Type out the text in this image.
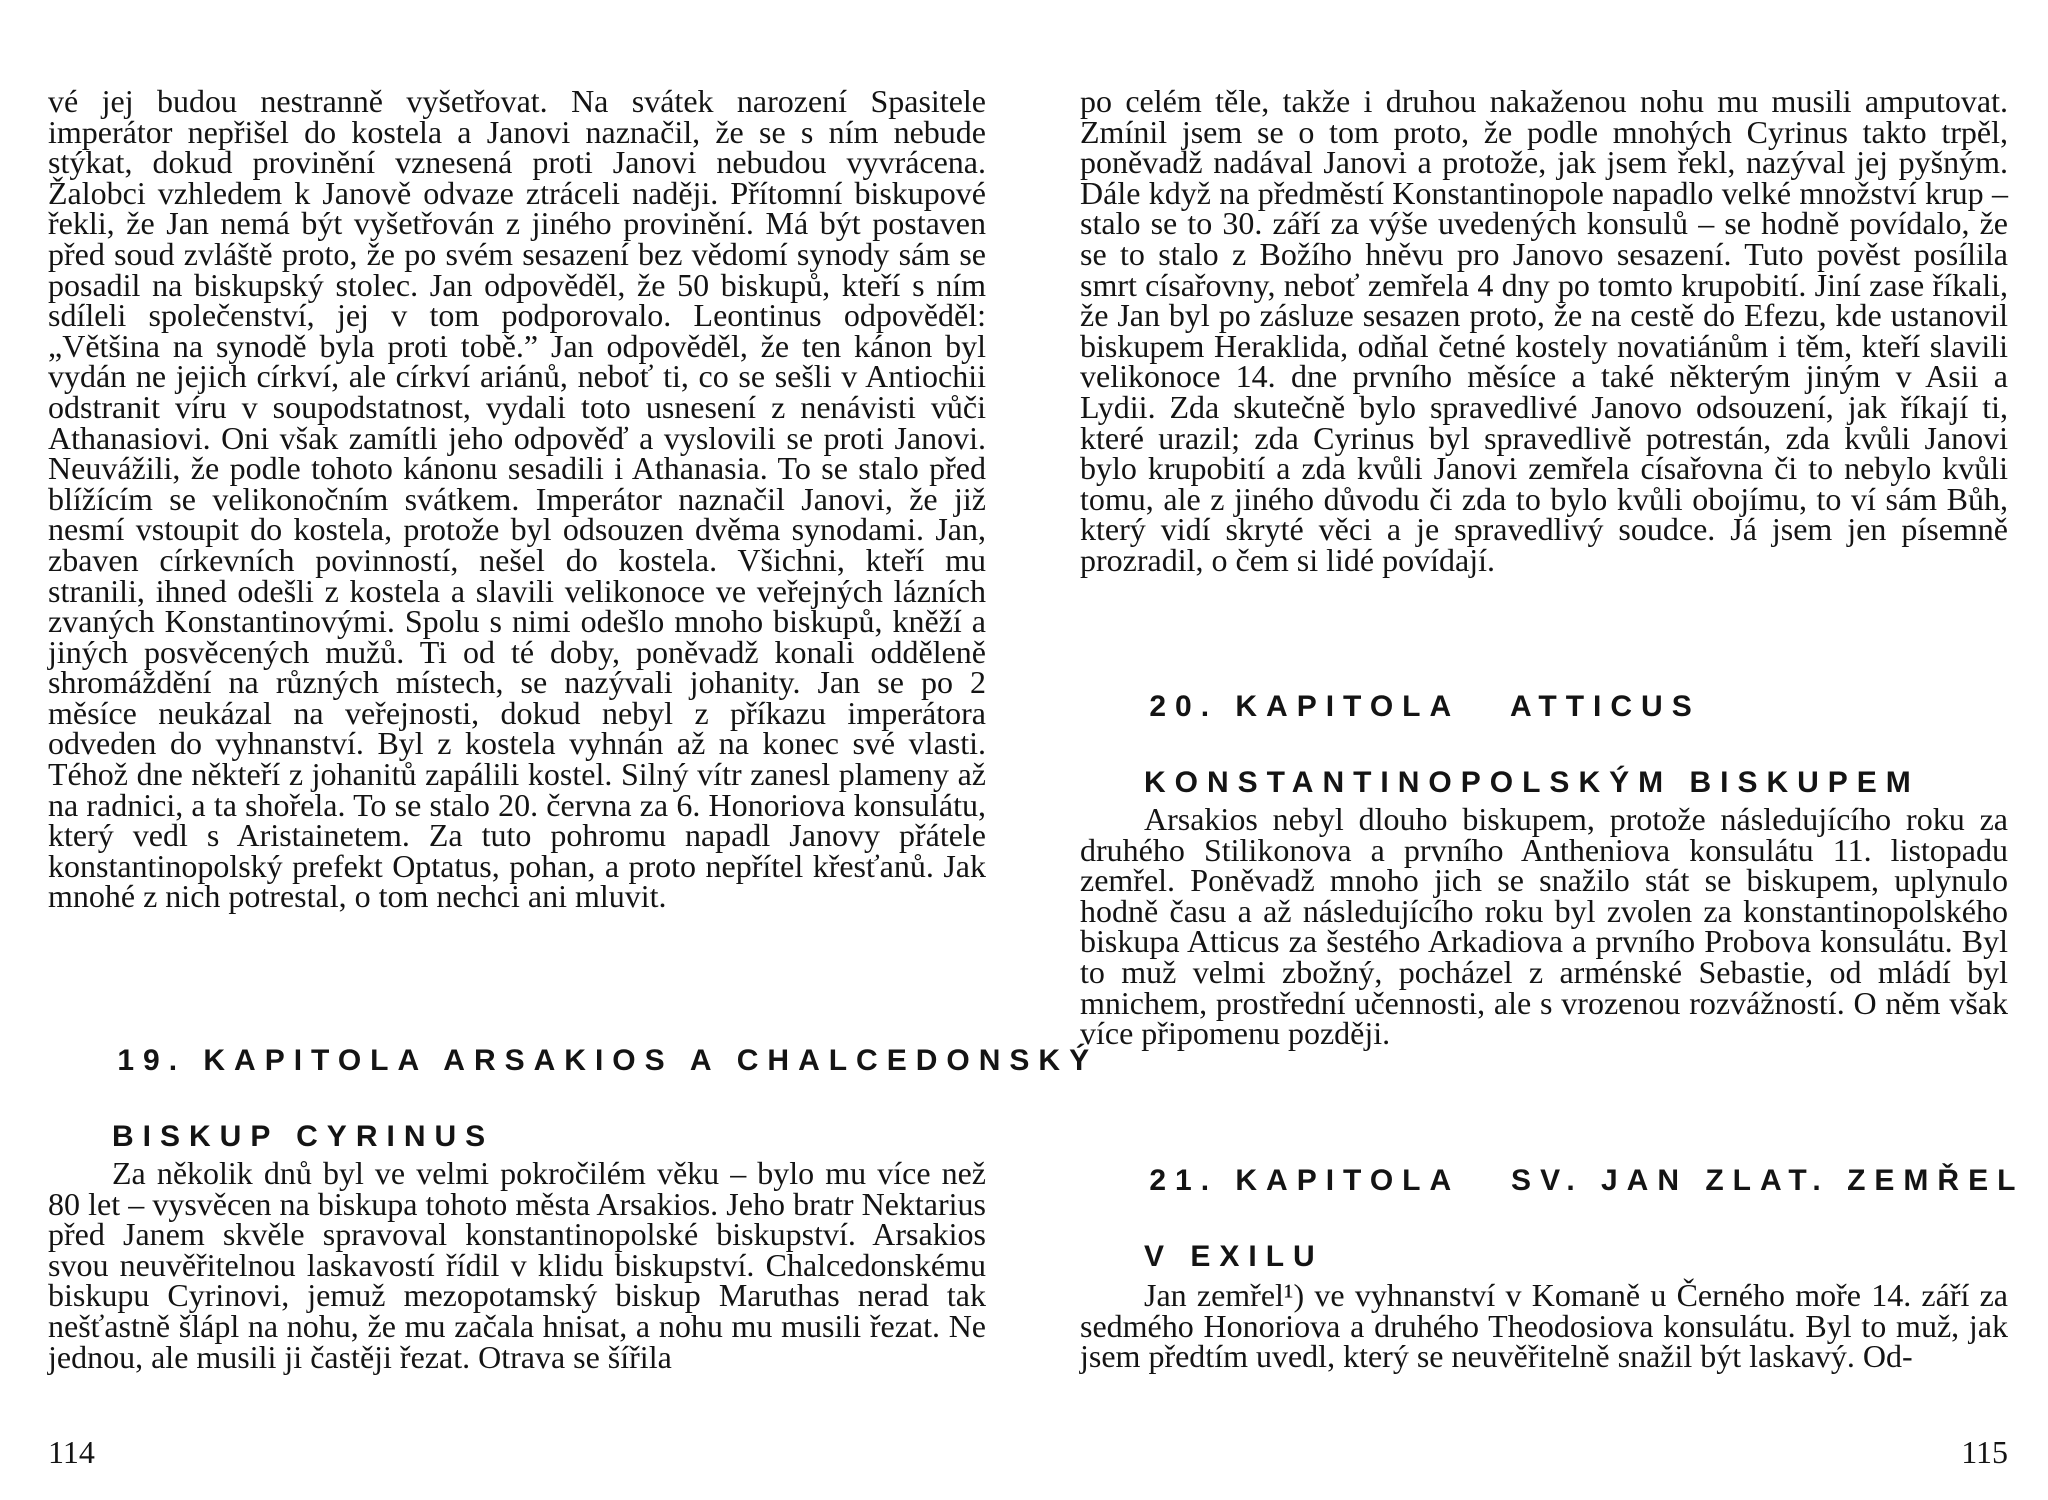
vé jej budou nestranně vyšetřovat. Na svátek narození Spasitele imperátor nepřišel do kostela a Janovi naznačil, že se s ním nebude stýkat, dokud provinění vznesená proti Janovi nebudou vyvrácena. Žalobci vzhledem k Janově odvaze ztráceli naději. Přítomní biskupové řekli, že Jan nemá být vyšetřován z jiného provinění. Má být postaven před soud zvláště proto, že po svém sesazení bez vědomí synody sám se posadil na biskupský stolec. Jan odpověděl, že 50 biskupů, kteří s ním sdíleli společenství, jej v tom podporovalo. Leontinus odpověděl: „Většina na synodě byla proti tobě.” Jan odpověděl, že ten kánon byl vydán ne jejich církví, ale církví ariánů, neboť ti, co se sešli v Antiochii odstranit víru v soupodstatnost, vydali toto usnesení z nenávisti vůči Athanasiovi. Oni však zamítli jeho odpověď a vyslovili se proti Janovi. Neuvážili, že podle tohoto kánonu sesadili i Athanasia. To se stalo před blížícím se velikonočním svátkem. Imperátor naznačil Janovi, že již nesmí vstoupit do kostela, protože byl odsouzen dvěma synodami. Jan, zbaven církevních povinností, nešel do kostela. Všichni, kteří mu stranili, ihned odešli z kostela a slavili velikonoce ve veřejných lázních zvaných Konstantinovými. Spolu s nimi odešlo mnoho biskupů, kněží a jiných posvěcených mužů. Ti od té doby, poněvadž konali odděleně shromáždění na různých místech, se nazývali johanity. Jan se po 2 měsíce neukázal na veřejnosti, dokud nebyl z příkazu imperátora odveden do vyhnanství. Byl z kostela vyhnán až na konec své vlasti. Téhož dne někteří z johanitů zapálili kostel. Silný vítr zanesl plameny až na radnici, a ta shořela. To se stalo 20. června za 6. Honoriova konsulátu, který vedl s Aristainetem. Za tuto pohromu napadl Janovy přátele konstantinopolský prefekt Optatus, pohan, a proto nepřítel křesťanů. Jak mnohé z nich potrestal, o tom nechci ani mluvit.

19. KAPITOLA ARSAKIOS A CHALCEDONSKÝ

BISKUP CYRINUS

Za několik dnů byl ve velmi pokročilém věku – bylo mu více než 80 let – vysvěcen na biskupa tohoto města Arsakios. Jeho bratr Nektarius před Janem skvěle spravoval konstantinopolské biskupství. Arsakios svou neuvěřitelnou laskavostí řídil v klidu biskupství. Chalcedonskému biskupu Cyrinovi, jemuž mezopotamský biskup Maruthas nerad tak nešťastně šlápl na nohu, že mu začala hnisat, a nohu mu musili řezat. Ne jednou, ale musili ji častěji řezat. Otrava se šířila

114

po celém těle, takže i druhou nakaženou nohu mu musili amputovat. Zmínil jsem se o tom proto, že podle mnohých Cyrinus takto trpěl, poněvadž nadával Janovi a protože, jak jsem řekl, nazýval jej pyšným. Dále když na předměstí Konstantinopole napadlo velké množství krup – stalo se to 30. září za výše uvedených konsulů – se hodně povídalo, že se to stalo z Božího hněvu pro Janovo sesazení. Tuto pověst posílila smrt císařovny, neboť zemřela 4 dny po tomto krupobití. Jiní zase říkali, že Jan byl po zásluze sesazen proto, že na cestě do Efezu, kde ustanovil biskupem Heraklida, odňal četné kostely novatiánům i těm, kteří slavili velikonoce 14. dne prvního měsíce a také některým jiným v Asii a Lydii. Zda skutečně bylo spravedlivé Janovo odsouzení, jak říkají ti, které urazil; zda Cyrinus byl spravedlivě potrestán, zda kvůli Janovi bylo krupobití a zda kvůli Janovi zemřela císařovna či to nebylo kvůli tomu, ale z jiného důvodu či zda to bylo kvůli obojímu, to ví sám Bůh, který vidí skryté věci a je spravedlivý soudce. Já jsem jen písemně prozradil, o čem si lidé povídají.

20. KAPITOLA   ATTICUS

KONSTANTINOPOLSKÝM BISKUPEM

Arsakios nebyl dlouho biskupem, protože následujícího roku za druhého Stilikonova a prvního Antheniova konsulátu 11. listopadu zemřel. Poněvadž mnoho jich se snažilo stát se biskupem, uplynulo hodně času a až následujícího roku byl zvolen za konstantinopolského biskupa Atticus za šestého Arkadiova a prvního Probova konsulátu. Byl to muž velmi zbožný, pocházel z arménské Sebastie, od mládí byl mnichem, prostřední učennosti, ale s vrozenou rozvážností. O něm však více připomenu později.

21. KAPITOLA   SV. JAN ZLAT. ZEMŘEL

V EXILU

Jan zemřel¹) ve vyhnanství v Komaně u Černého moře 14. září za sedmého Honoriova a druhého Theodosiova konsulátu. Byl to muž, jak jsem předtím uvedl, který se neuvěřitelně snažil být laskavý. Od-

115
